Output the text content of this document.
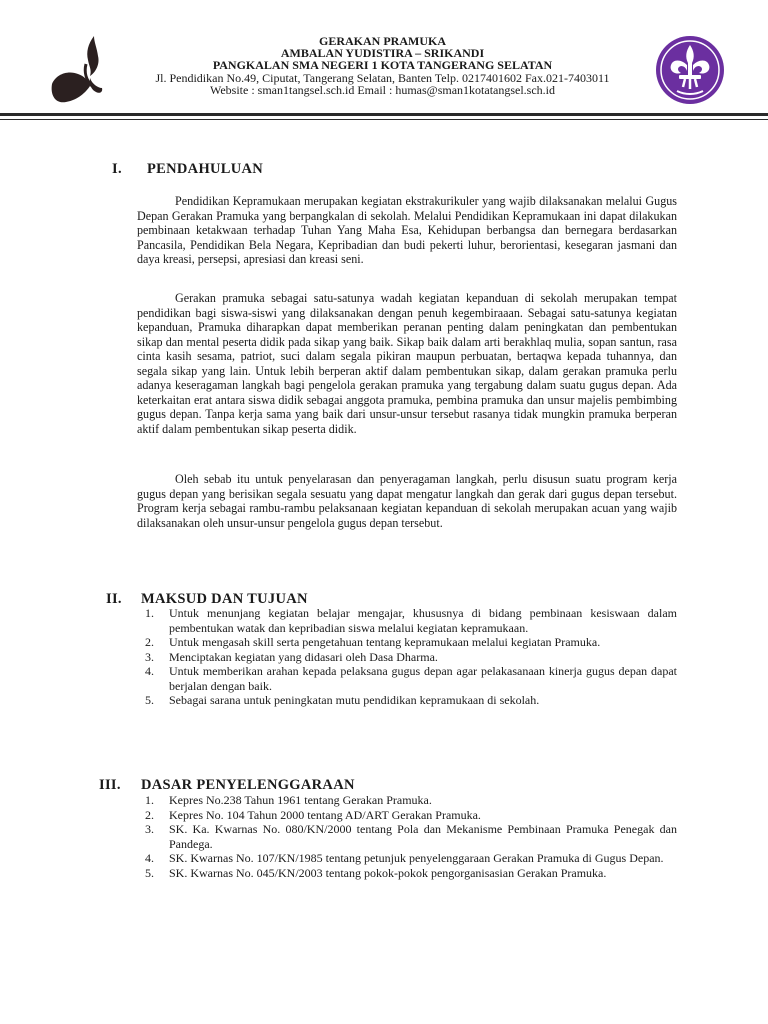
GERAKAN PRAMUKA
AMBALAN YUDISTIRA – SRIKANDI
PANGKALAN SMA NEGERI 1 KOTA TANGERANG SELATAN
Jl. Pendidikan No.49, Ciputat, Tangerang Selatan, Banten Telp. 0217401602 Fax.021-7403011
Website : sman1tangsel.sch.id Email : humas@sman1kotatangsel.sch.id
I.	PENDAHULUAN

Pendidikan Kepramukaan merupakan kegiatan ekstrakurikuler yang wajib dilaksanakan melalui Gugus Depan Gerakan Pramuka yang berpangkalan di sekolah. Melalui Pendidikan Kepramukaan ini dapat dilakukan pembinaan ketakwaan terhadap Tuhan Yang Maha Esa, Kehidupan berbangsa dan bernegara berdasarkan Pancasila, Pendidikan Bela Negara, Kepribadian dan budi pekerti luhur, berorientasi, kesegaran jasmani dan daya kreasi, persepsi, apresiasi dan kreasi seni.

Gerakan pramuka sebagai satu-satunya wadah kegiatan kepanduan di sekolah merupakan tempat pendidikan bagi siswa-siswi yang dilaksanakan dengan penuh kegembiraaan. Sebagai satu-satunya kegiatan kepanduan, Pramuka diharapkan dapat memberikan peranan penting dalam peningkatan dan pembentukan sikap dan mental peserta didik pada sikap yang baik. Sikap baik dalam arti berakhlaq mulia, sopan santun, rasa cinta kasih sesama, patriot, suci dalam segala pikiran maupun perbuatan, bertaqwa kepada tuhannya, dan segala sikap yang lain. Untuk lebih berperan aktif dalam pembentukan sikap, dalam gerakan pramuka perlu adanya keseragaman langkah bagi pengelola gerakan pramuka yang tergabung dalam suatu gugus depan. Ada keterkaitan erat antara siswa didik sebagai anggota pramuka, pembina pramuka dan unsur majelis pembimbing gugus depan. Tanpa kerja sama yang baik dari unsur-unsur tersebut rasanya tidak mungkin pramuka berperan aktif dalam pembentukan sikap peserta didik.

Oleh sebab itu untuk penyelarasan dan penyeragaman langkah, perlu disusun suatu program kerja gugus depan yang berisikan segala sesuatu yang dapat mengatur langkah dan gerak dari gugus depan tersebut. Program kerja sebagai rambu-rambu pelaksanaan kegiatan kepanduan di sekolah merupakan acuan yang wajib dilaksanakan oleh unsur-unsur pengelola gugus depan tersebut.

II.	MAKSUD DAN TUJUAN
1.	Untuk menunjang kegiatan belajar mengajar, khususnya di bidang pembinaan kesiswaan dalam pembentukan watak dan kepribadian siswa melalui kegiatan kepramukaan.
2.	Untuk mengasah skill serta pengetahuan tentang kepramukaan melalui kegiatan Pramuka.
3.	Menciptakan kegiatan yang didasari oleh Dasa Dharma.
4.	Untuk memberikan arahan kepada pelaksana gugus depan agar pelakasanaan kinerja gugus depan dapat berjalan dengan baik.
5.	Sebagai sarana untuk peningkatan mutu pendidikan kepramukaan di sekolah.
III.	DASAR PENYELENGGARAAN
1.	Kepres No.238 Tahun 1961 tentang Gerakan Pramuka.
2.	Kepres No. 104 Tahun 2000 tentang AD/ART Gerakan Pramuka.
3.	SK. Ka. Kwarnas No. 080/KN/2000 tentang Pola dan Mekanisme Pembinaan Pramuka Penegak dan Pandega.
4.	SK. Kwarnas No. 107/KN/1985 tentang petunjuk penyelenggaraan Gerakan Pramuka di Gugus Depan.
5.	SK. Kwarnas No. 045/KN/2003 tentang pokok-pokok pengorganisasian Gerakan Pramuka.
